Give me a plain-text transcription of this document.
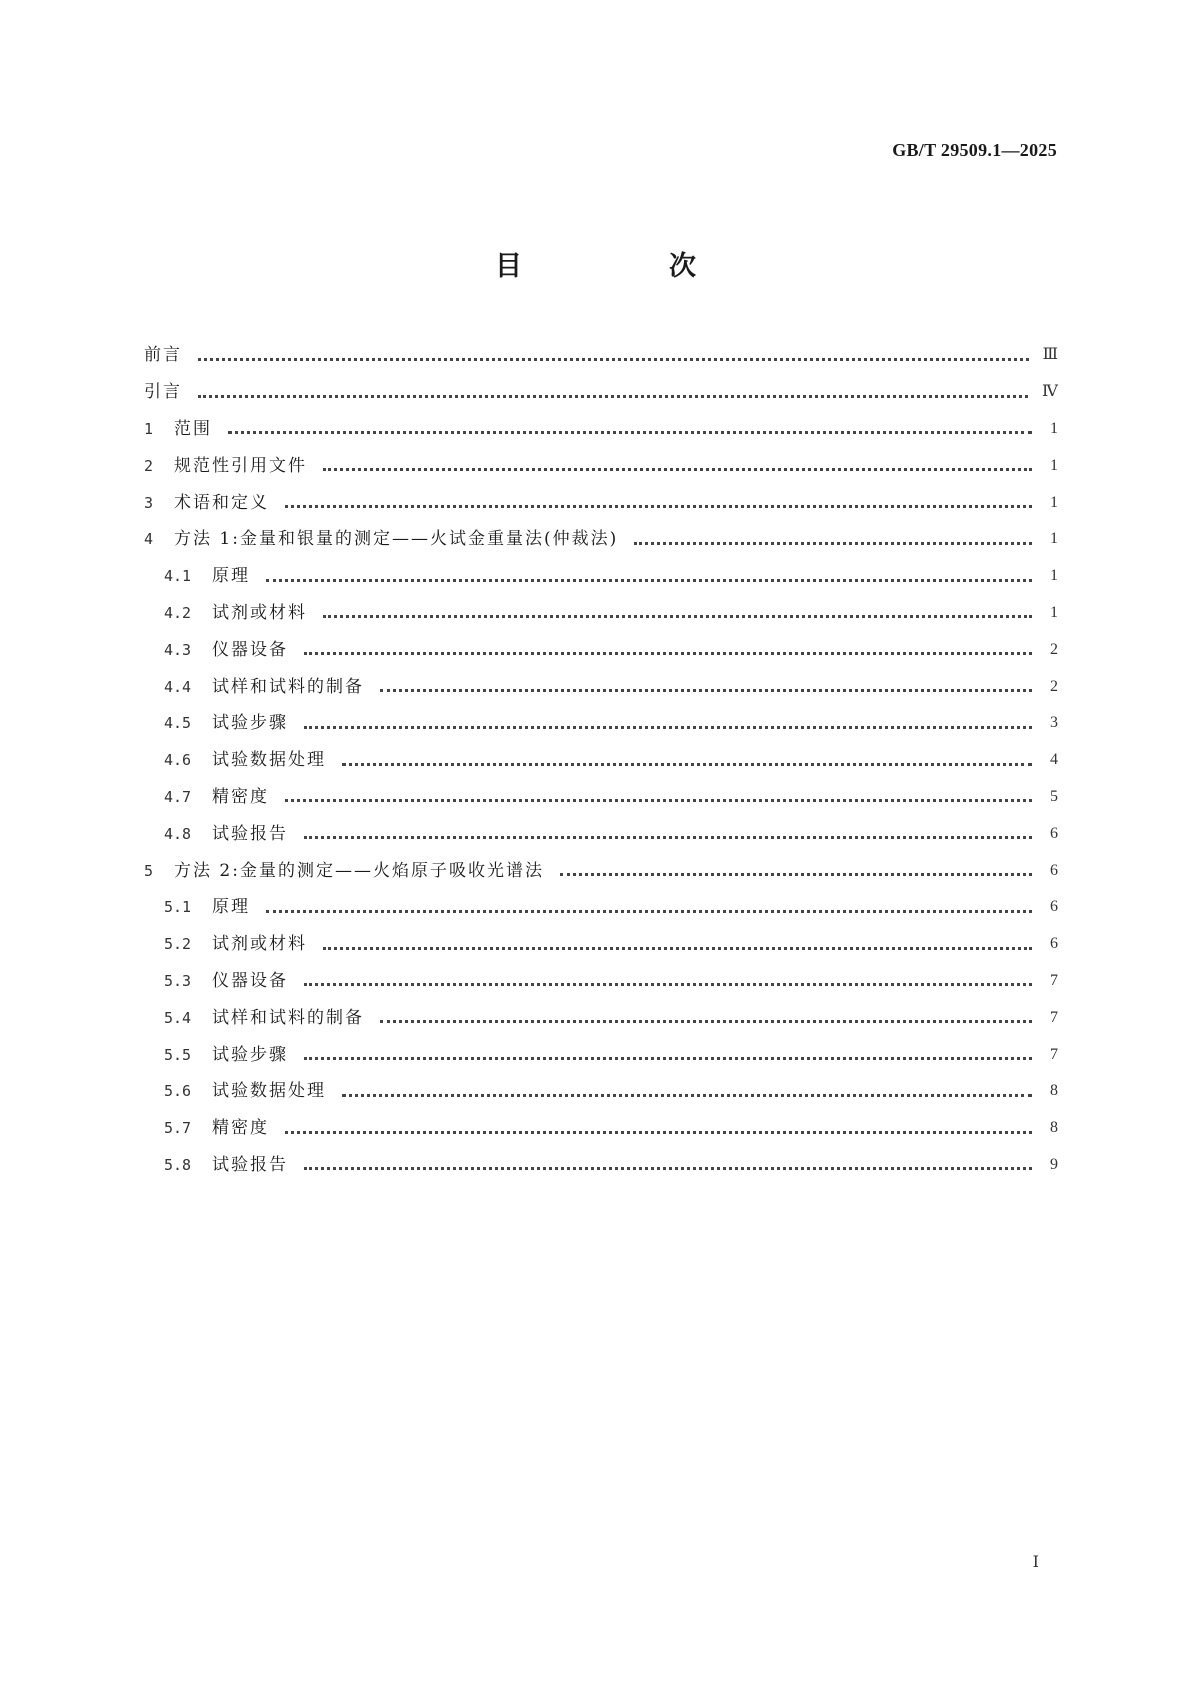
GB/T 29509.1—2025
目　次
前言	Ⅲ
引言	Ⅳ
1	范围	1
2	规范性引用文件	1
3	术语和定义	1
4	方法 1:金量和银量的测定——火试金重量法(仲裁法)	1
4.1	原理	1
4.2	试剂或材料	1
4.3	仪器设备	2
4.4	试样和试料的制备	2
4.5	试验步骤	3
4.6	试验数据处理	4
4.7	精密度	5
4.8	试验报告	6
5	方法 2:金量的测定——火焰原子吸收光谱法	6
5.1	原理	6
5.2	试剂或材料	6
5.3	仪器设备	7
5.4	试样和试料的制备	7
5.5	试验步骤	7
5.6	试验数据处理	8
5.7	精密度	8
5.8	试验报告	9
Ⅰ
